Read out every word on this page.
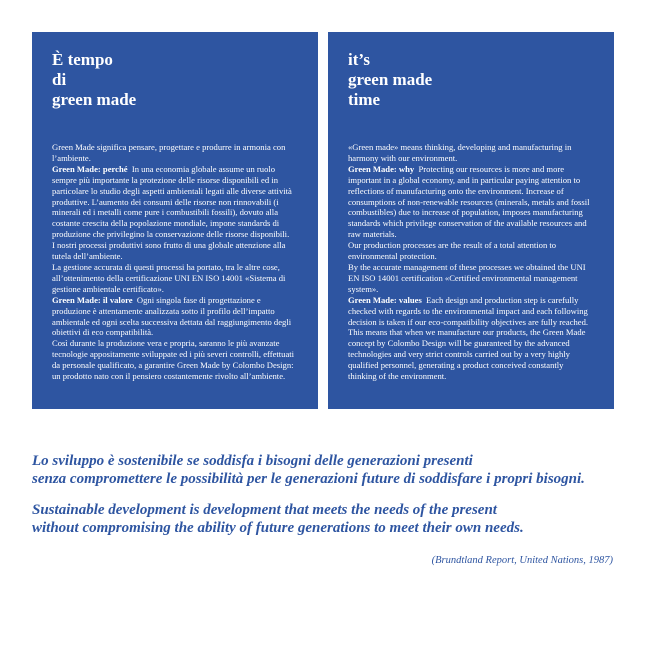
È tempo
di
green made
Green Made significa pensare, progettare e produrre in armonia con l’ambiente.
Green Made: perché In una economia globale assume un ruolo sempre più importante la protezione delle risorse disponibili ed in particolare lo studio degli aspetti ambientali legati alle diverse attività produttive. L’aumento dei consumi delle risorse non rinnovabili (i minerali ed i metalli come pure i combustibili fossili), dovuto alla costante crescita della popolazione mondiale, impone standards di produzione che privilegino la conservazione delle risorse disponibili.
I nostri processi produttivi sono frutto di una globale attenzione alla tutela dell’ambiente.
La gestione accurata di questi processi ha portato, tra le altre cose, all’ottenimento della certificazione UNI EN ISO 14001 «Sistema di gestione ambientale certificato».
Green Made: il valore Ogni singola fase di progettazione e produzione è attentamente analizzata sotto il profilo dell’impatto ambientale ed ogni scelta successiva dettata dal raggiungimento degli obiettivi di eco compatibilità.
Così durante la produzione vera e propria, saranno le più avanzate tecnologie appositamente sviluppate ed i più severi controlli, effettuati da personale qualificato, a garantire Green Made by Colombo Design: un prodotto nato con il pensiero costantemente rivolto all’ambiente.
it’s
green made
time
«Green made» means thinking, developing and manufacturing in harmony with our environment.
Green Made: why Protecting our resources is more and more important in a global economy, and in particular paying attention to reflections of manufacturing onto the environment. Increase of consumptions of non-renewable resources (minerals, metals and fossil combustibles) due to increase of population, imposes manufacturing standards which privilege conservation of the available resources and raw materials.
Our production processes are the result of a total attention to environmental protection.
By the accurate management of these processes we obtained the UNI EN ISO 14001 certification «Certified environmental management system».
Green Made: values Each design and production step is carefully checked with regards to the environmental impact and each following decision is taken if our eco-compatibility objectives are fully reached. This means that when we manufacture our products, the Green Made concept by Colombo Design will be guaranteed by the advanced technologies and very strict controls carried out by a very highly qualified personnel, generating a product conceived constantly thinking of the environment.
Lo sviluppo è sostenibile se soddisfa i bisogni delle generazioni presenti
senza compromettere le possibilità per le generazioni future di soddisfare i propri bisogni.
Sustainable development is development that meets the needs of the present
without compromising the ability of future generations to meet their own needs.
(Brundtland Report, United Nations, 1987)
